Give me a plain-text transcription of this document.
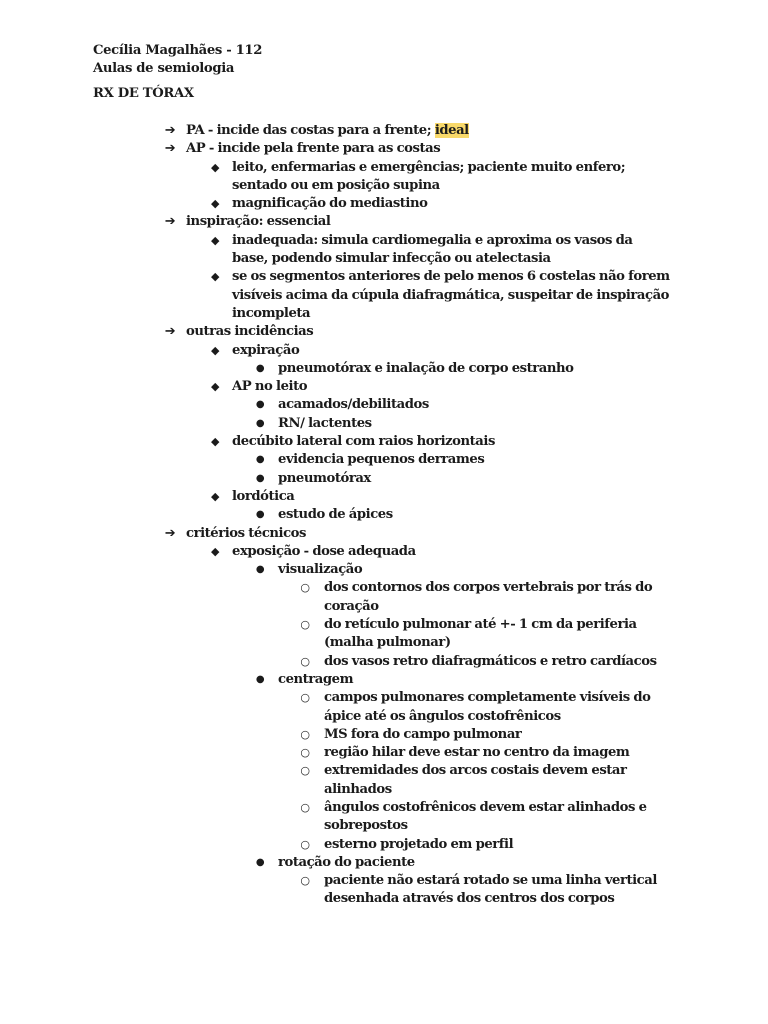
Cecília Magalhães - 112
Aulas de semiologia
RX DE TÓRAX
➔ PA - incide das costas para a frente; ideal
➔ AP - incide pela frente para as costas
◆ leito, enfermarias e emergências; paciente muito enfero; sentado ou em posição supina
◆ magnificação do mediastino
➔ inspiração: essencial
◆ inadequada: simula cardiomegalia e aproxima os vasos da base, podendo simular infecção ou atelectasia
◆ se os segmentos anteriores de pelo menos 6 costelas não forem visíveis acima da cúpula diafragmática, suspeitar de inspiração incompleta
➔ outras incidências
◆ expiração
● pneumotórax e inalação de corpo estranho
◆ AP no leito
● acamados/debilitados
● RN/ lactentes
◆ decúbito lateral com raios horizontais
● evidencia pequenos derrames
● pneumotórax
◆ lordótica
● estudo de ápices
➔ critérios técnicos
◆ exposição - dose adequada
● visualização
○ dos contornos dos corpos vertebrais por trás do coração
○ do retículo pulmonar até +- 1 cm da periferia (malha pulmonar)
○ dos vasos retro diafragmáticos e retro cardíacos
● centragem
○ campos pulmonares completamente visíveis do ápice até os ângulos costofrênicos
○ MS fora do campo pulmonar
○ região hilar deve estar no centro da imagem
○ extremidades dos arcos costais devem estar alinhados
○ ângulos costofrênicos devem estar alinhados e sobrepostos
○ esterno projetado em perfil
● rotação do paciente
○ paciente não estará rotado se uma linha vertical desenhada através dos centros dos corpos
